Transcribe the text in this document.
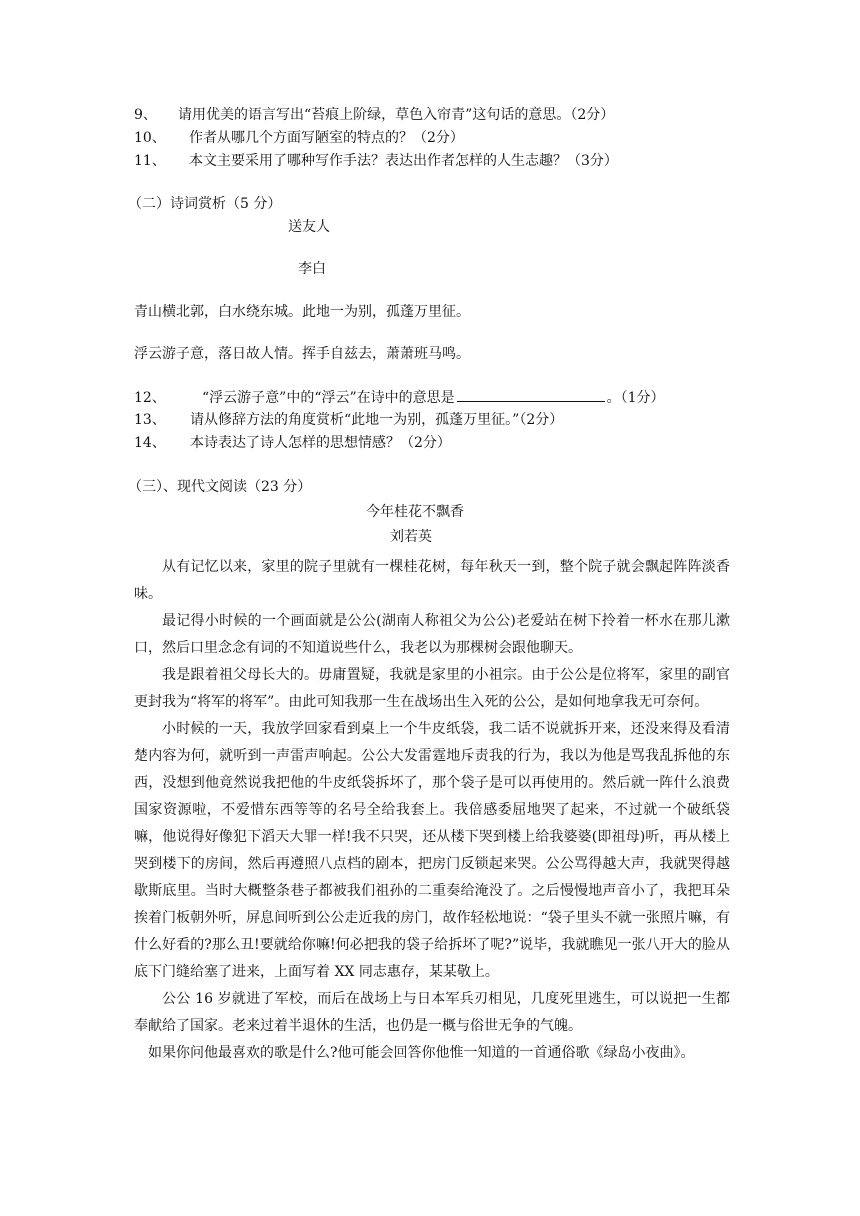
9、 请用优美的语言写出“苔痕上阶绿，草色入帘青”这句话的意思。（2分）
10、 作者从哪几个方面写陋室的特点的？（2分）
11、 本文主要采用了哪种写作手法？表达出作者怎样的人生志趣？（3分）
（二）诗词赏析（5 分）
送友人
李白
青山横北郭，白水绕东城。此地一为别，孤蓬万里征。
浮云游子意，落日故人情。挥手自兹去，萧萧班马鸣。
12、	“浮云游子意”中的“浮云”在诗中的意思是	。（1分）
13、 请从修辞方法的角度赏析“此地一为别，孤蓬万里征。”（2分）
14、 本诗表达了诗人怎样的思想情感？（2分）
（三）、现代文阅读（23 分）
今年桂花不飘香
刘若英

从有记忆以来，家里的院子里就有一棵桂花树，每年秋天一到，整个院子就会飘起阵阵淡香味。

最记得小时候的一个画面就是公公(湖南人称祖父为公公)老爱站在树下拎着一杯水在那儿漱口，然后口里念念有词的不知道说些什么，我老以为那棵树会跟他聊天。

我是跟着祖父母长大的。毋庸置疑，我就是家里的小祖宗。由于公公是位将军，家里的副官更封我为“将军的将军”。由此可知我那一生在战场出生入死的公公，是如何地拿我无可奈何。

小时候的一天，我放学回家看到桌上一个牛皮纸袋，我二话不说就拆开来，还没来得及看清楚内容为何，就听到一声雷声响起。公公大发雷霆地斥责我的行为，我以为他是骂我乱拆他的东西，没想到他竟然说我把他的牛皮纸袋拆坏了，那个袋子是可以再使用的。然后就一阵什么浪费国家资源啦，不爱惜东西等等的名号全给我套上。我倍感委屈地哭了起来，不过就一个破纸袋嘛，他说得好像犯下滔天大罪一样!我不只哭，还从楼下哭到楼上给我婆婆(即祖母)听，再从楼上哭到楼下的房间，然后再遵照八点档的剧本，把房门反锁起来哭。公公骂得越大声，我就哭得越歇斯底里。当时大概整条巷子都被我们祖孙的二重奏给淹没了。之后慢慢地声音小了，我把耳朵挨着门板朝外听，屏息间听到公公走近我的房门，故作轻松地说：“袋子里头不就一张照片嘛，有什么好看的?那么丑!要就给你嘛!何必把我的袋子给拆坏了呢?”说毕，我就瞧见一张八开大的脸从底下门缝给塞了进来，上面写着 XX 同志惠存，某某敬上。

公公 16 岁就进了军校，而后在战场上与日本军兵刃相见，几度死里逃生，可以说把一生都奉献给了国家。老来过着半退休的生活，也仍是一概与俗世无争的气魄。

如果你问他最喜欢的歌是什么?他可能会回答你他惟一知道的一首通俗歌《绿岛小夜曲》。
